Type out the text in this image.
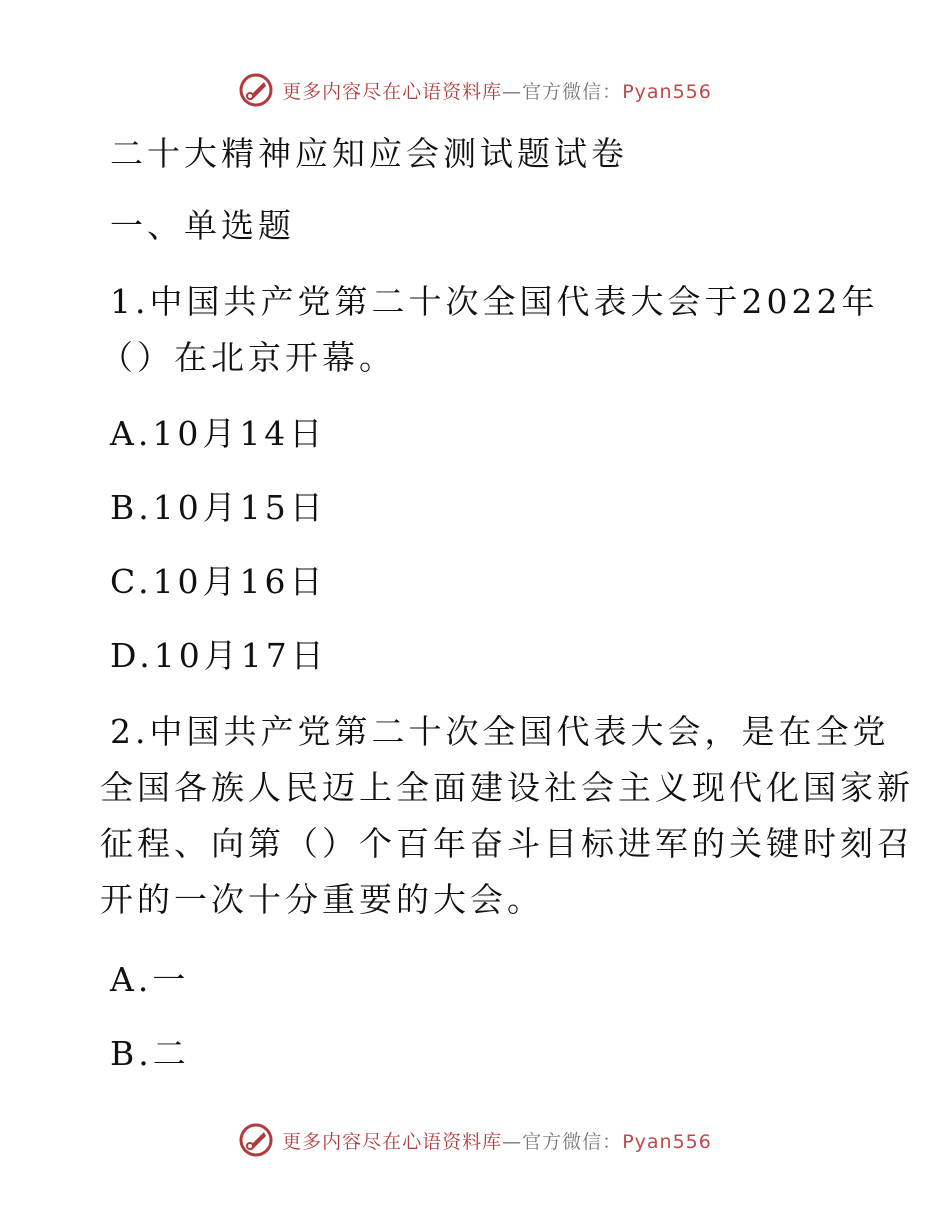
更多内容尽在心语资料库—官方微信：Pyan556
二十大精神应知应会测试题试卷
一、单选题
1.中国共产党第二十次全国代表大会于2022年
（）在北京开幕。
A.10月14日
B.10月15日
C.10月16日
D.10月17日
2.中国共产党第二十次全国代表大会，是在全党
全国各族人民迈上全面建设社会主义现代化国家新
征程、向第（）个百年奋斗目标进军的关键时刻召
开的一次十分重要的大会。
A.一
B.二
更多内容尽在心语资料库—官方微信：Pyan556
